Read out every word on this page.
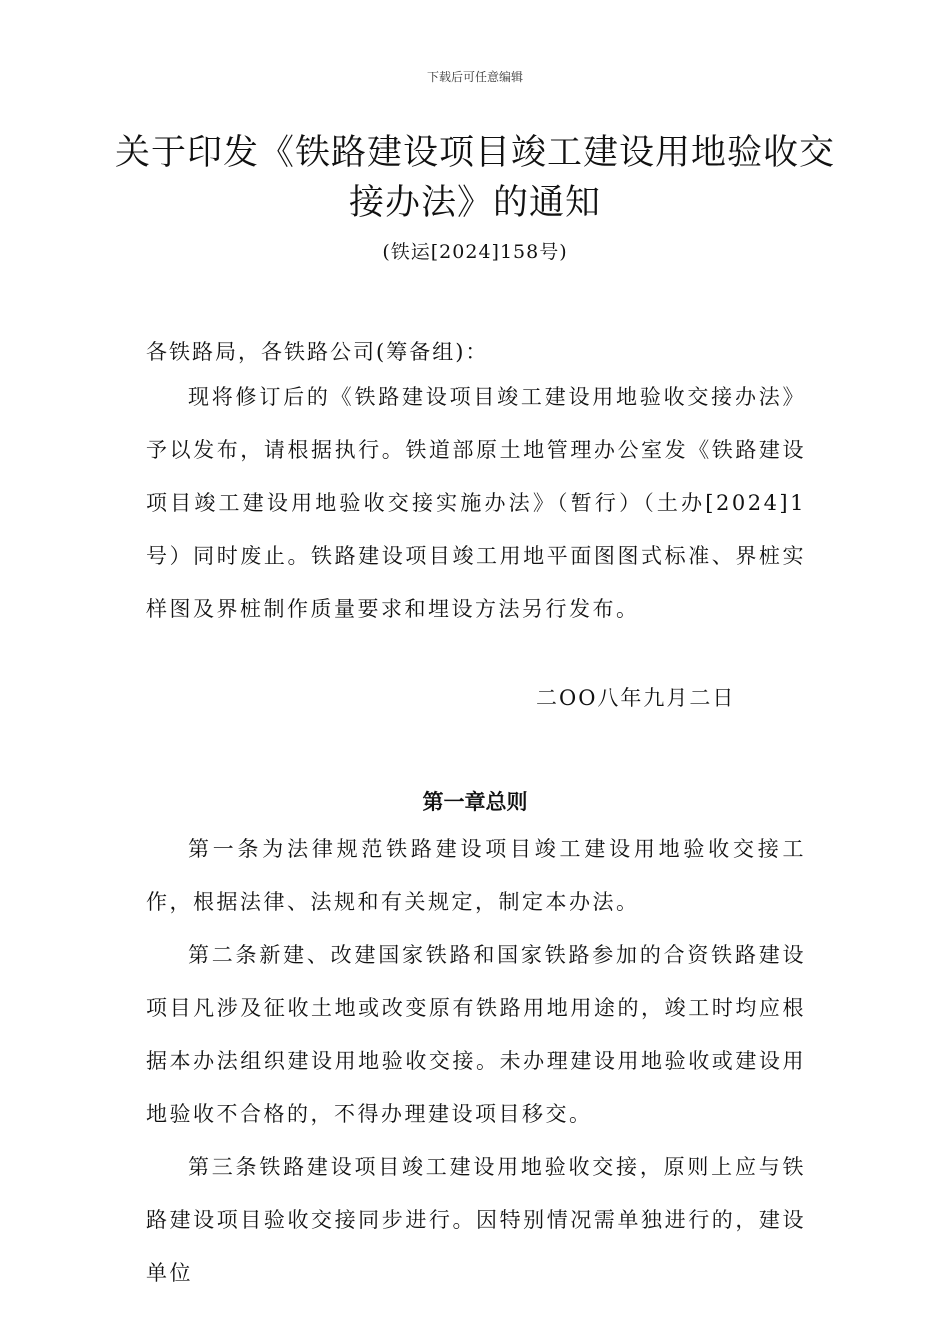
下载后可任意编辑
关于印发《铁路建设项目竣工建设用地验收交接办法》的通知
(铁运[2024]158号)
各铁路局，各铁路公司(筹备组)：
现将修订后的《铁路建设项目竣工建设用地验收交接办法》予以发布，请根据执行。铁道部原土地管理办公室发《铁路建设项目竣工建设用地验收交接实施办法》（暂行）（土办[2024]1号）同时废止。铁路建设项目竣工用地平面图图式标准、界桩实样图及界桩制作质量要求和埋设方法另行发布。
二OO八年九月二日
第一章总则
第一条为法律规范铁路建设项目竣工建设用地验收交接工作，根据法律、法规和有关规定，制定本办法。
第二条新建、改建国家铁路和国家铁路参加的合资铁路建设项目凡涉及征收土地或改变原有铁路用地用途的，竣工时均应根据本办法组织建设用地验收交接。未办理建设用地验收或建设用地验收不合格的，不得办理建设项目移交。
第三条铁路建设项目竣工建设用地验收交接，原则上应与铁路建设项目验收交接同步进行。因特别情况需单独进行的，建设单位
